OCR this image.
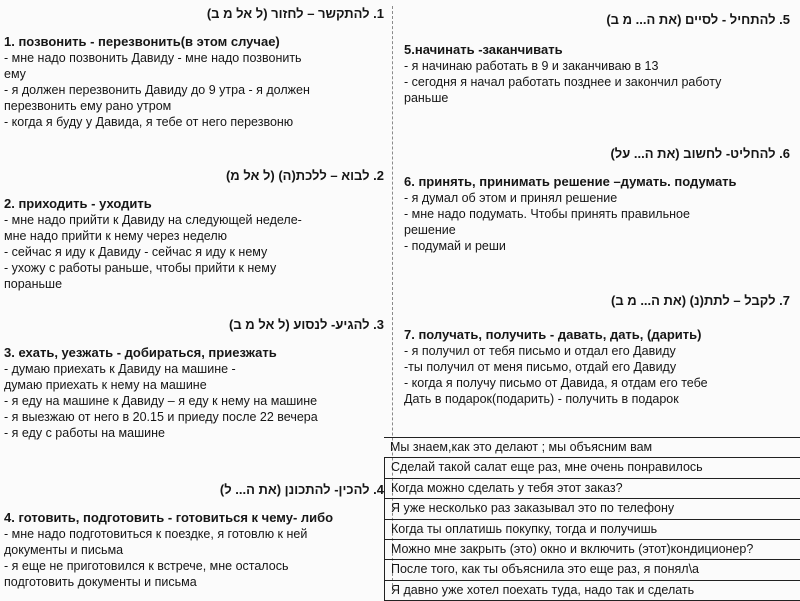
1. להתקשר – לחזור (ל אל מ ב)
1. позвонить - перезвонить(в этом случае)
- мне надо позвонить Давиду - мне надо позвонить
ему
- я должен перезвонить Давиду до 9 утра - я должен
перезвонить ему рано утром
- когда я буду у Давида, я тебе от него перезвоню
2. לבוא – ללכת(ה) (ל אל מ)
2. приходить - уходить
- мне надо прийти к Давиду на следующей неделе-
мне надо прийти к нему через неделю
- сейчас я иду к Давиду - сейчас я иду к нему
- ухожу с работы раньше, чтобы прийти к нему
пораньше
3. להגיע- לנסוע (ל אל מ ב)
3. ехать, уезжать - добираться, приезжать
- думаю приехать к Давиду на машине -
думаю приехать к нему на машине
- я еду на машине к Давиду – я еду к нему на машине
- я выезжаю от него в 20.15 и приеду после 22 вечера
- я еду с работы на машине
4. להכין- להתכונן (את ה... ל)
4. готовить, подготовить - готовиться к чему- либо
- мне надо подготовиться к поездке, я готовлю к ней
документы и письма
- я еще не приготовился к встрече, мне осталось
подготовить документы и письма
5. להתחיל - לסיים (את ה... מ ב)
5.начинать -заканчивать
- я начинаю работать в 9 и заканчиваю в 13
- сегодня я начал работать позднее и закончил работу
раньше
6. להחליט- לחשוב (את ה... על)
6. принять, принимать решение –думать. подумать
- я думал об этом и принял решение
- мне надо подумать. Чтобы принять правильное
решение
- подумай и реши
7. לקבל – לתת(נ) (את ה... מ ב)
7. получать, получить - давать, дать, (дарить)
- я получил от тебя письмо и отдал его Давиду
-ты получил от меня письмо, отдай его Давиду
- когда я получу письмо от Давида, я отдам его тебе
Дать в подарок(подарить) - получить в подарок
Мы знаем,как это делают ; мы объясним вам
Сделай такой салат еще раз, мне очень понравилось
Когда можно сделать у тебя этот заказ?
Я уже несколько раз заказывал это по телефону
Когда ты оплатишь покупку, тогда и получишь
Можно мне закрыть (это) окно и включить (этот)кондиционер?
После того, как ты объяснила это еще раз, я понял\а
Я давно уже хотел поехать туда, надо так и сделать
